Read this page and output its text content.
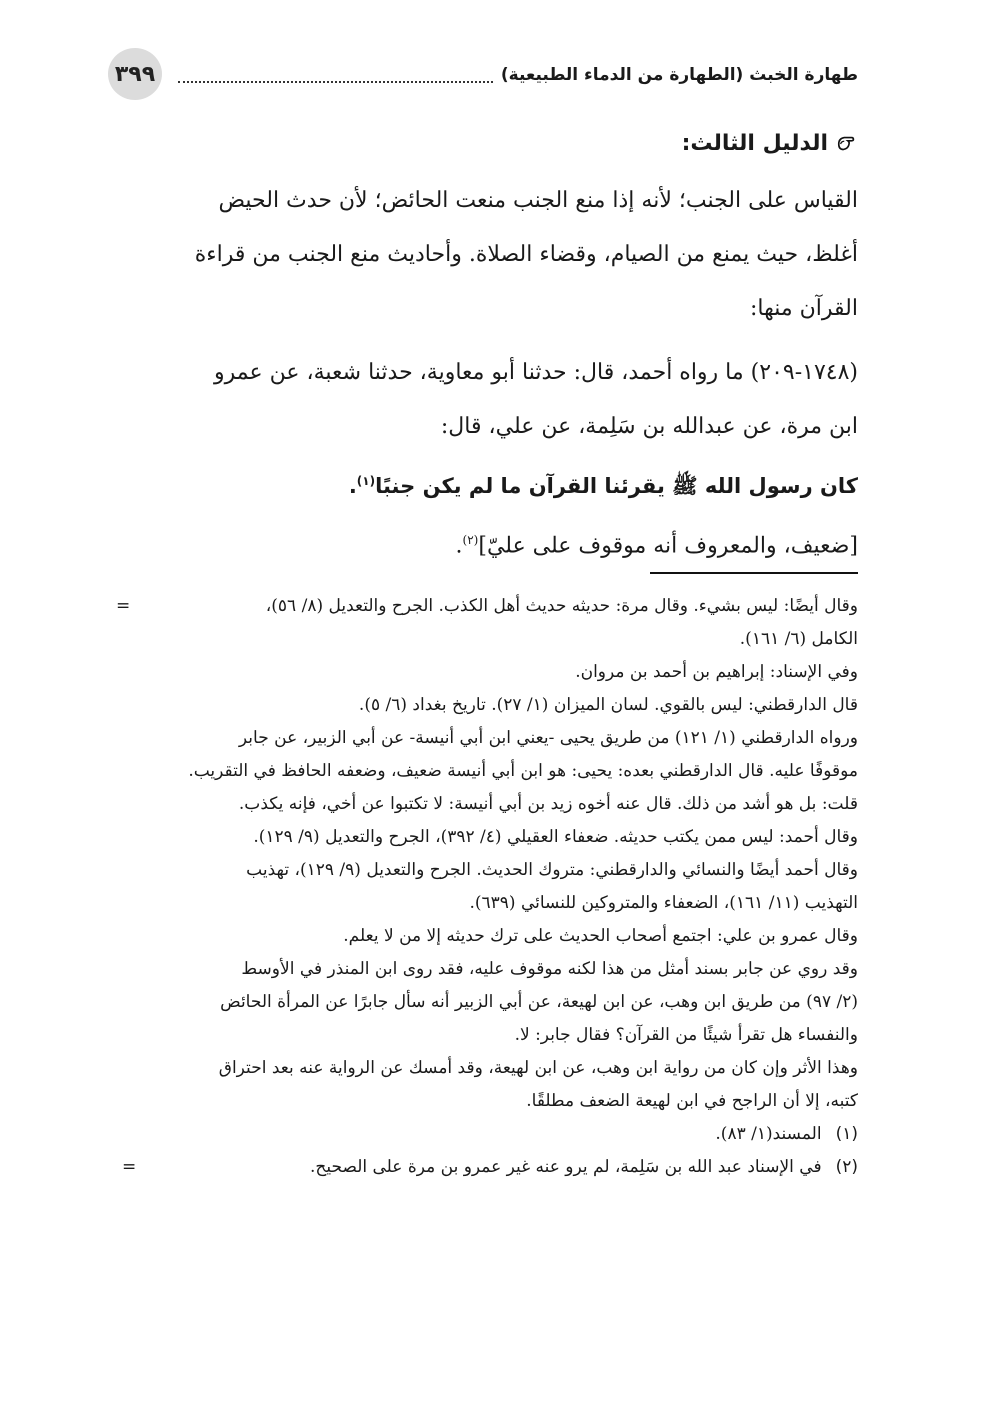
٣٩٩	طهارة الخبث (الطهارة من الدماء الطبيعية)
الدليل الثالث:

القياس على الجنب؛ لأنه إذا منع الجنب منعت الحائض؛ لأن حدث الحيض

أغلظ، حيث يمنع من الصيام، وقضاء الصلاة. وأحاديث منع الجنب من قراءة

القرآن منها:

(١٧٤٨-٢٠٩) ما رواه أحمد، قال: حدثنا أبو معاوية، حدثنا شعبة، عن عمرو

ابن مرة، عن عبدالله بن سَلِمة، عن علي، قال:

كان رسول الله ﷺ يقرئنا القرآن ما لم يكن جنبًا$^{(١)}$.

[ضعيف، والمعروف أنه موقوف على عليّ]$^{(٢)}$.

=	وقال أيضًا: ليس بشيء. وقال مرة: حديثه حديث أهل الكذب. الجرح والتعديل (٨/ ٥٦)،

الكامل (٦/ ١٦١).

وفي الإسناد: إبراهيم بن أحمد بن مروان.

قال الدارقطني: ليس بالقوي. لسان الميزان (١/ ٢٧). تاريخ بغداد (٦/ ٥).

ورواه الدارقطني (١/ ١٢١) من طريق يحيى -يعني ابن أبي أنيسة- عن أبي الزبير، عن جابر

موقوفًا عليه. قال الدارقطني بعده: يحيى: هو ابن أبي أنيسة ضعيف، وضعفه الحافظ في التقريب.

قلت: بل هو أشد من ذلك. قال عنه أخوه زيد بن أبي أنيسة: لا تكتبوا عن أخي، فإنه يكذب.

وقال أحمد: ليس ممن يكتب حديثه. ضعفاء العقيلي (٤/ ٣٩٢)، الجرح والتعديل (٩/ ١٢٩).

وقال أحمد أيضًا والنسائي والدارقطني: متروك الحديث. الجرح والتعديل (٩/ ١٢٩)، تهذيب

التهذيب (١١/ ١٦١)، الضعفاء والمتروكين للنسائي (٦٣٩).

وقال عمرو بن علي: اجتمع أصحاب الحديث على ترك حديثه إلا من لا يعلم.

وقد روي عن جابر بسند أمثل من هذا لكنه موقوف عليه، فقد روى ابن المنذر في الأوسط

(٢/ ٩٧) من طريق ابن وهب، عن ابن لهيعة، عن أبي الزبير أنه سأل جابرًا عن المرأة الحائض

والنفساء هل تقرأ شيئًا من القرآن؟ فقال جابر: لا.

وهذا الأثر وإن كان من رواية ابن وهب، عن ابن لهيعة، وقد أمسك عن الرواية عنه بعد احتراق

كتبه، إلا أن الراجح في ابن لهيعة الضعف مطلقًا.

(١)
المسند(١/ ٨٣).

(٢)
في الإسناد عبد الله بن سَلِمة، لم يرو عنه غير عمرو بن مرة على الصحيح.
=
